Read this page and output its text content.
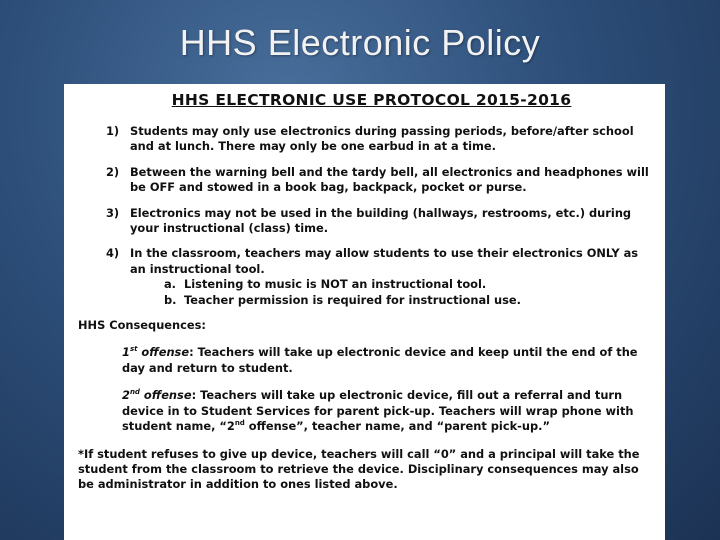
HHS Electronic Policy
HHS ELECTRONIC USE PROTOCOL 2015-2016
1) Students may only use electronics during passing periods, before/after school and at lunch. There may only be one earbud in at a time.
2) Between the warning bell and the tardy bell, all electronics and headphones will be OFF and stowed in a book bag, backpack, pocket or purse.
3) Electronics may not be used in the building (hallways, restrooms, etc.) during your instructional (class) time.
4) In the classroom, teachers may allow students to use their electronics ONLY as an instructional tool.
a. Listening to music is NOT an instructional tool.
b. Teacher permission is required for instructional use.
HHS Consequences:
1st offense: Teachers will take up electronic device and keep until the end of the day and return to student.
2nd offense: Teachers will take up electronic device, fill out a referral and turn device in to Student Services for parent pick-up. Teachers will wrap phone with student name, “2nd offense”, teacher name, and “parent pick-up.”
*If student refuses to give up device, teachers will call “0” and a principal will take the student from the classroom to retrieve the device. Disciplinary consequences may also be administrator in addition to ones listed above.
